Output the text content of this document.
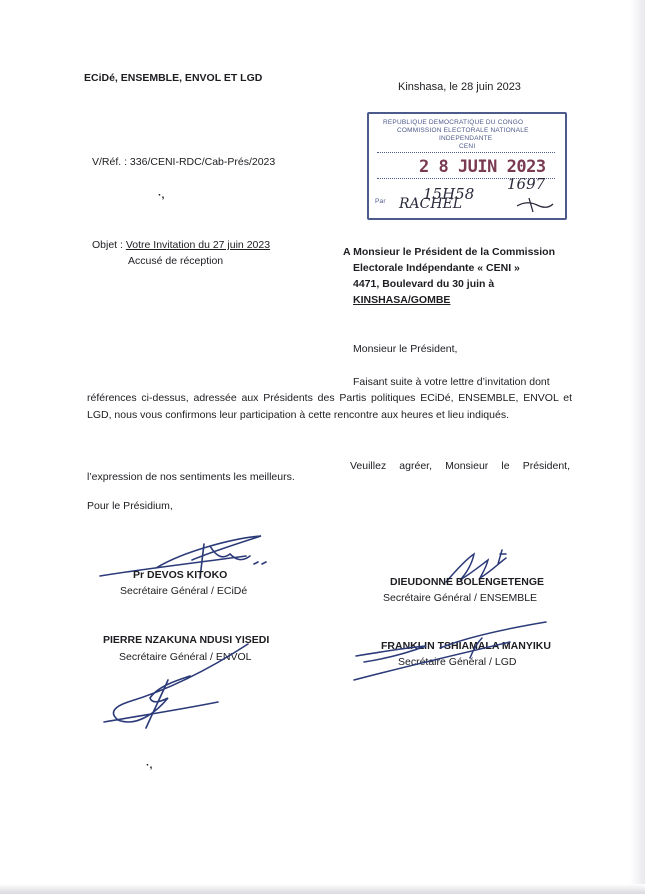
ECiDé, ENSEMBLE, ENVOL ET LGD
Kinshasa, le 28 juin 2023
V/Réf. : 336/CENI-RDC/Cab-Prés/2023
·,
REPUBLIQUE DEMOCRATIQUE DU CONGO
COMMISSION ELECTORALE NATIONALE
INDEPENDANTE
CENI
2 8 JUIN 2023
1697
15H58
Par RACHEL
Objet : Votre Invitation du 27 juin 2023
Accusé de réception
A Monsieur le Président de la Commission
Electorale Indépendante « CENI »
4471, Boulevard du 30 juin à
KINSHASA/GOMBE
Monsieur le Président,
Faisant suite à votre lettre d’invitation dont
références ci-dessus, adressée aux Présidents des Partis politiques ECiDé, ENSEMBLE, ENVOL et
LGD, nous vous confirmons leur participation à cette rencontre aux heures et lieu indiqués.
Veuillez agréer, Monsieur le Président,
l’expression de nos sentiments les meilleurs.
Pour le Présidium,
Pr DEVOS KITOKO
Secrétaire Général / ECiDé
DIEUDONNE BOLENGETENGE
Secrétaire Général / ENSEMBLE
PIERRE NZAKUNA NDUSI YISEDI
Secrétaire Général / ENVOL
FRANKLIN TSHIAMALA MANYIKU
Secrétaire Général / LGD
·,
